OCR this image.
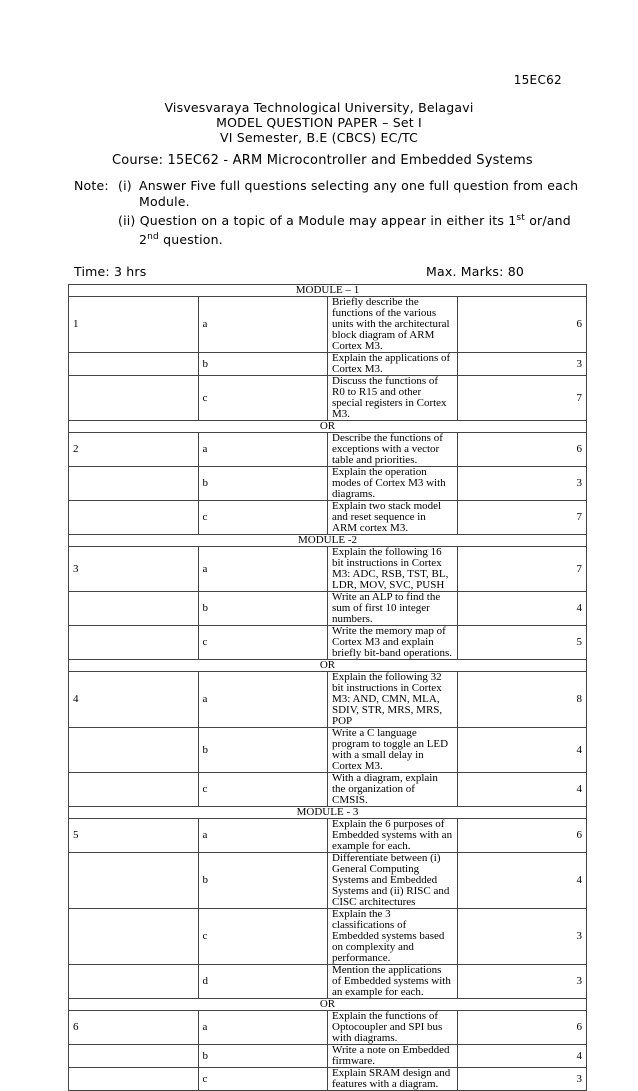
15EC62
Visvesvaraya Technological University, Belagavi
MODEL QUESTION PAPER – Set I
VI Semester, B.E (CBCS) EC/TC
Course: 15EC62 - ARM Microcontroller and Embedded Systems
Note: (i) Answer Five full questions selecting any one full question from each
Module.
(ii) Question on a topic of a Module may appear in either its 1st or/and
2nd question.
Time: 3 hrs	Max. Marks: 80
MODULE – 1			
1	a	Briefly describe the functions of the various units with the architectural block diagram of ARM Cortex M3.	6
	b	Explain the applications of Cortex M3.	3
	c	Discuss the functions of R0 to R15 and other special registers in Cortex M3.	7
OR			
2	a	Describe the functions of exceptions with a vector table and priorities.	6
	b	Explain the operation modes of Cortex M3 with diagrams.	3
	c	Explain two stack model and reset sequence in ARM cortex M3.	7
MODULE -2			
3	a	Explain the following 16 bit instructions in Cortex M3: ADC, RSB, TST, BL, LDR, MOV, SVC, PUSH	7
	b	Write an ALP to find the sum of first 10 integer numbers.	4
	c	Write the memory map of Cortex M3 and explain briefly bit-band operations.	5
OR			
4	a	Explain the following 32 bit instructions in Cortex M3: AND, CMN, MLA, SDIV, STR, MRS, MRS, POP	8
	b	Write a C language program to toggle an LED with a small delay in Cortex M3.	4
	c	With a diagram, explain the organization of CMSIS.	4
MODULE - 3			
5	a	Explain the 6 purposes of Embedded systems with an example for each.	6
	b	Differentiate between (i) General Computing Systems and Embedded Systems and (ii) RISC and CISC architectures	4
	c	Explain the 3 classifications of Embedded systems based on complexity and performance.	3
	d	Mention the applications of Embedded systems with an example for each.	3
OR			
6	a	Explain the functions of Optocoupler and SPI bus with diagrams.	6
	b	Write a note on Embedded firmware.	4
	c	Explain SRAM design and features with a diagram.	3
